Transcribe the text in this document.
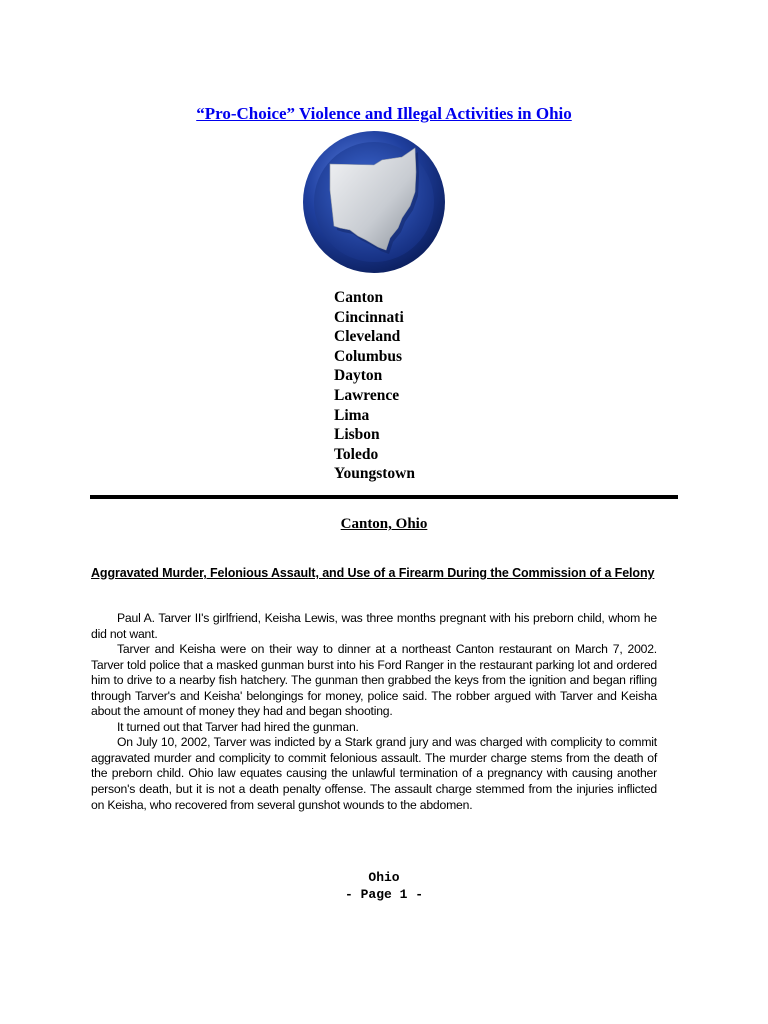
“Pro-Choice” Violence and Illegal Activities in Ohio
Canton
Cincinnati
Cleveland
Columbus
Dayton
Lawrence
Lima
Lisbon
Toledo
Youngstown
Canton, Ohio
Aggravated Murder, Felonious Assault, and Use of a Firearm During the Commission of a Felony

Paul A. Tarver II's girlfriend, Keisha Lewis, was three months pregnant with his preborn child, whom he did not want.

Tarver and Keisha were on their way to dinner at a northeast Canton restaurant on March 7, 2002. Tarver told police that a masked gunman burst into his Ford Ranger in the restaurant parking lot and ordered him to drive to a nearby fish hatchery. The gunman then grabbed the keys from the ignition and began rifling through Tarver's and Keisha' belongings for money, police said. The robber argued with Tarver and Keisha about the amount of money they had and began shooting.

It turned out that Tarver had hired the gunman.

On July 10, 2002, Tarver was indicted by a Stark grand jury and was charged with complicity to commit aggravated murder and complicity to commit felonious assault. The murder charge stems from the death of the preborn child. Ohio law equates causing the unlawful termination of a pregnancy with causing another person's death, but it is not a death penalty offense. The assault charge stemmed from the injuries inflicted on Keisha, who recovered from several gunshot wounds to the abdomen.

Ohio
- Page 1 -
